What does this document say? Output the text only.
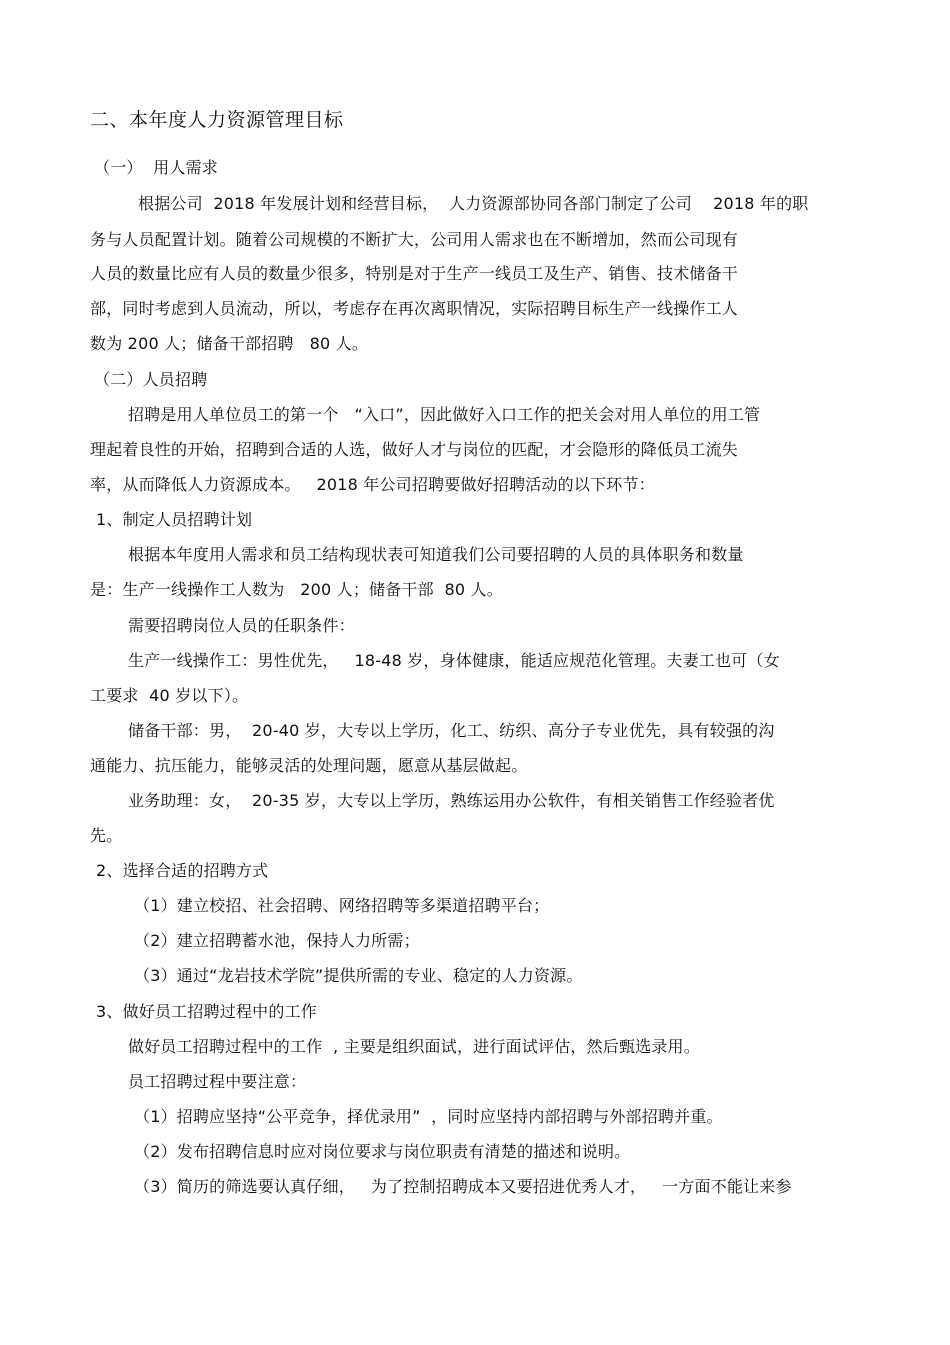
二、本年度人力资源管理目标
（一）  用人需求
根据公司  2018 年发展计划和经营目标，  人力资源部协同各部门制定了公司    2018 年的职
务与人员配置计划。随着公司规模的不断扩大，公司用人需求也在不断增加，然而公司现有
人员的数量比应有人员的数量少很多，特别是对于生产一线员工及生产、销售、技术储备干
部，同时考虑到人员流动，所以，考虑存在再次离职情况，实际招聘目标生产一线操作工人
数为 200 人；储备干部招聘   80 人。
（二）人员招聘
招聘是用人单位员工的第一个   “入口”，因此做好入口工作的把关会对用人单位的用工管
理起着良性的开始，招聘到合适的人选，做好人才与岗位的匹配，才会隐形的降低员工流失
率，从而降低人力资源成本。   2018 年公司招聘要做好招聘活动的以下环节：
1、制定人员招聘计划
根据本年度用人需求和员工结构现状表可知道我们公司要招聘的人员的具体职务和数量
是：生产一线操作工人数为   200 人；储备干部  80 人。
需要招聘岗位人员的任职条件：
生产一线操作工：男性优先，   18-48 岁，身体健康，能适应规范化管理。夫妻工也可（女
工要求  40 岁以下）。
储备干部：男，  20-40 岁，大专以上学历，化工、纺织、高分子专业优先，具有较强的沟
通能力、抗压能力，能够灵活的处理问题，愿意从基层做起。
业务助理：女，  20-35 岁，大专以上学历，熟练运用办公软件，有相关销售工作经验者优
先。
2、选择合适的招聘方式
（1）建立校招、社会招聘、网络招聘等多渠道招聘平台；
（2）建立招聘蓄水池，保持人力所需；
（3）通过“龙岩技术学院”提供所需的专业、稳定的人力资源。
3、做好员工招聘过程中的工作
做好员工招聘过程中的工作  , 主要是组织面试，进行面试评估，然后甄选录用。
员工招聘过程中要注意：
（1）招聘应坚持“公平竞争，择优录用”  ，同时应坚持内部招聘与外部招聘并重。
（2）发布招聘信息时应对岗位要求与岗位职责有清楚的描述和说明。
（3）简历的筛选要认真仔细，   为了控制招聘成本又要招进优秀人才，   一方面不能让来参
